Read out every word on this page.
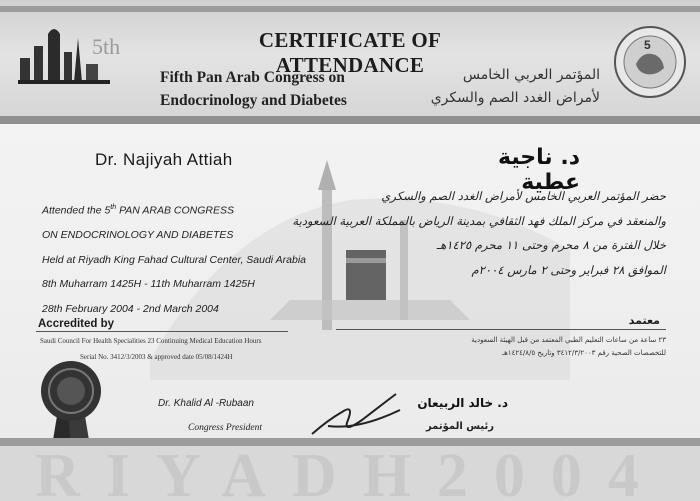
5th	CERTIFICATE OF ATTENDANCE
Fifth Pan Arab Congress on
Endocrinology and Diabetes
المؤتمر العربي الخامس
لأمراض الغدد الصم والسكري
5
Dr. Najiyah Attiah	د. ناجية عطية
Attended the 5th PAN ARAB CONGRESS
ON ENDOCRINOLOGY AND DIABETES
Held at Riyadh King Fahad Cultural Center, Saudi Arabia
8th Muharram 1425H - 11th Muharram 1425H
28th February 2004 - 2nd March 2004
حضر المؤتمر العربي الخامس لأمراض الغدد الصم والسكري
والمنعقد في مركز الملك فهد الثقافي بمدينة الرياض بالمملكة العربية السعودية
خلال الفترة من ٨ محرم وحتى ١١ محرم ١٤٢٥هـ
الموافق ٢٨ فبراير وحتى ٢ مارس ٢٠٠٤م
Accredited by	معتمد
Saudi Council For Health Specialities 23 Continuing Medical Education Hours
Serial No. 3412/3/2003 & approved date 05/08/1424H
٢٣ ساعة من ساعات التعليم الطبي المعتمد من قبل الهيئة السعودية
للتخصصات الصحية رقم ٣٤١٢/٣/٢٠٠٣ وتاريخ ١٤٢٤/٨/٥هـ
Dr. Khalid Al -Rubaan
Congress President
د. خالد الربيعان
رئيس المؤتمر
RIYADH2004
